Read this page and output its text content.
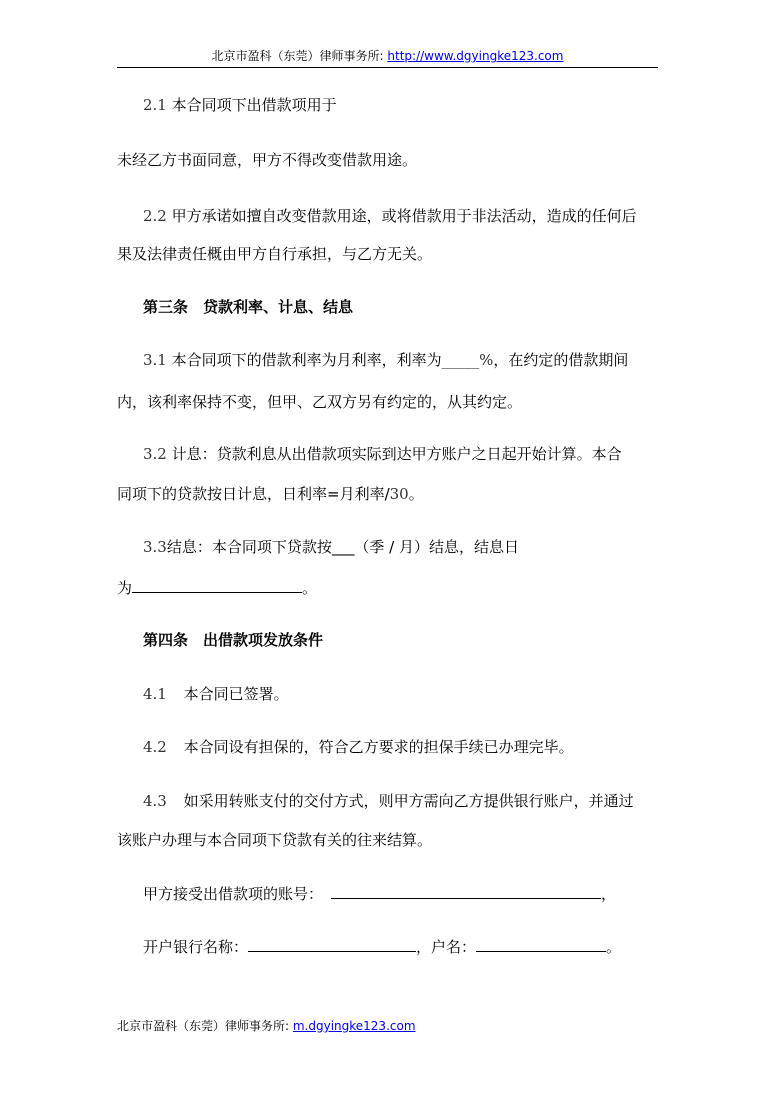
北京市盈科（东莞）律师事务所: http://www.dgyingke123.com
2.1 本合同项下出借款项用于
未经乙方书面同意，甲方不得改变借款用途。
2.2 甲方承诺如擅自改变借款用途，或将借款用于非法活动，造成的任何后
果及法律责任概由甲方自行承担，与乙方无关。
第三条　贷款利率、计息、结息
3.1 本合同项下的借款利率为月利率，利率为_____%，在约定的借款期间
内，该利率保持不变，但甲、乙双方另有约定的，从其约定。
3.2 计息：贷款利息从出借款项实际到达甲方账户之日起开始计算。本合
同项下的贷款按日计息，日利率=月利率/30。
3.3结息：本合同项下贷款按___（季 / 月）结息，结息日
为	。
第四条　出借款项发放条件
4.1 本合同已签署。
4.2 本合同设有担保的，符合乙方要求的担保手续已办理完毕。
4.3 如采用转账支付的交付方式，则甲方需向乙方提供银行账户，并通过
该账户办理与本合同项下贷款有关的往来结算。
甲方接受出借款项的账号：	，
开户银行名称：	，户名：	。
北京市盈科（东莞）律师事务所: m.dgyingke123.com
